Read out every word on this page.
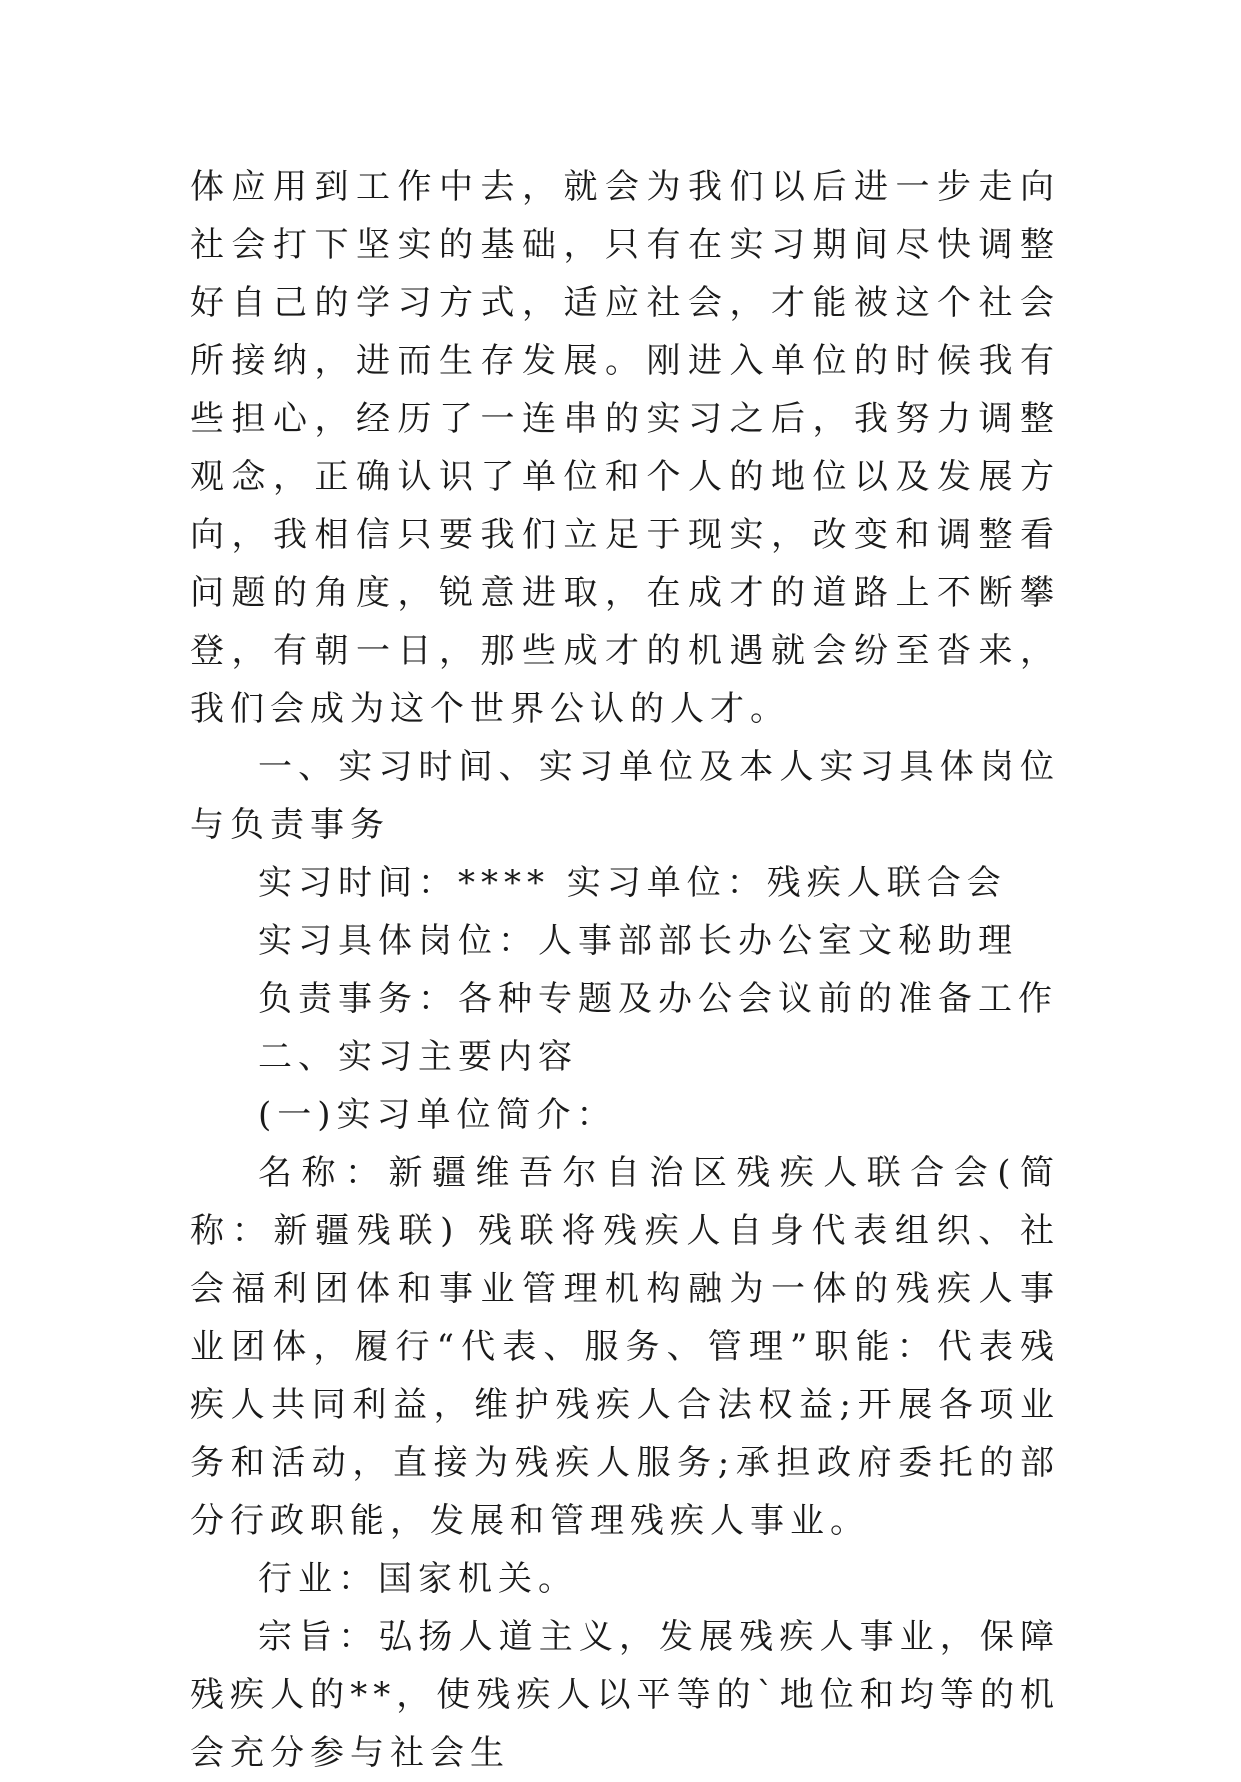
体应用到工作中去，就会为我们以后进一步走向社会打下坚实的基础，只有在实习期间尽快调整好自己的学习方式，适应社会，才能被这个社会所接纳，进而生存发展。刚进入单位的时候我有些担心，经历了一连串的实习之后，我努力调整观念，正确认识了单位和个人的地位以及发展方向，我相信只要我们立足于现实，改变和调整看问题的角度，锐意进取，在成才的道路上不断攀登，有朝一日，那些成才的机遇就会纷至沓来，我们会成为这个世界公认的人才。

一、实习时间、实习单位及本人实习具体岗位与负责事务

实习时间：**** 实习单位：残疾人联合会

实习具体岗位：人事部部长办公室文秘助理

负责事务：各种专题及办公会议前的准备工作

二、实习主要内容

(一)实习单位简介：

名称：新疆维吾尔自治区残疾人联合会(简称：新疆残联) 残联将残疾人自身代表组织、社会福利团体和事业管理机构融为一体的残疾人事业团体，履行“代表、服务、管理”职能：代表残疾人共同利益，维护残疾人合法权益;开展各项业务和活动，直接为残疾人服务;承担政府委托的部分行政职能，发展和管理残疾人事业。

行业：国家机关。

宗旨：弘扬人道主义，发展残疾人事业，保障残疾人的**，使残疾人以平等的`地位和均等的机会充分参与社会生
